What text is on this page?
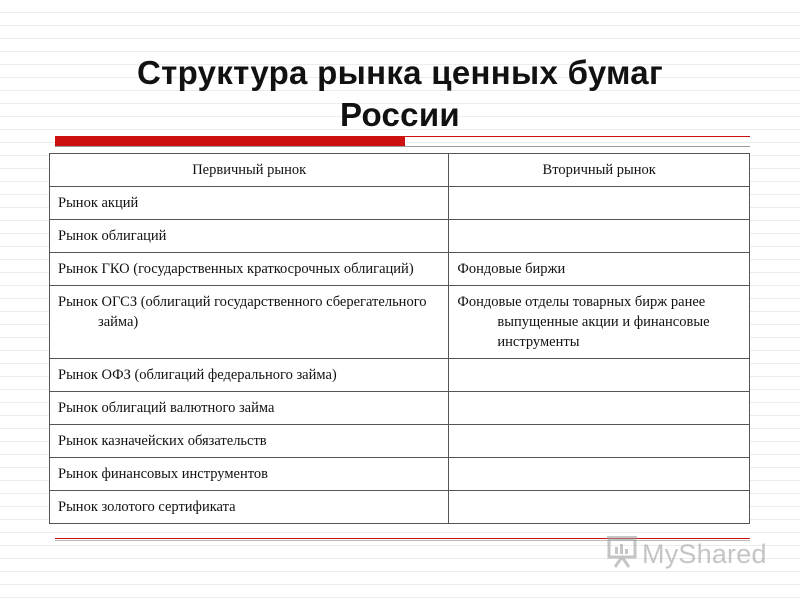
Структура рынка ценных бумаг
России
Первичный рынок	Вторичный рынок

Рынок акций	

Рынок облигаций	

Рынок ГКО (государственных краткосрочных облигаций)	Фондовые биржи

Рынок ОГСЗ (облигаций государственного сберегательного займа)	Фондовые отделы товарных бирж ранее выпущенные акции и финансовые инструменты

Рынок ОФЗ (облигаций федерального займа)	

Рынок облигаций валютного займа	

Рынок казначейских обязательств	

Рынок финансовых инструментов	

Рынок золотого сертификата	

MyShared
